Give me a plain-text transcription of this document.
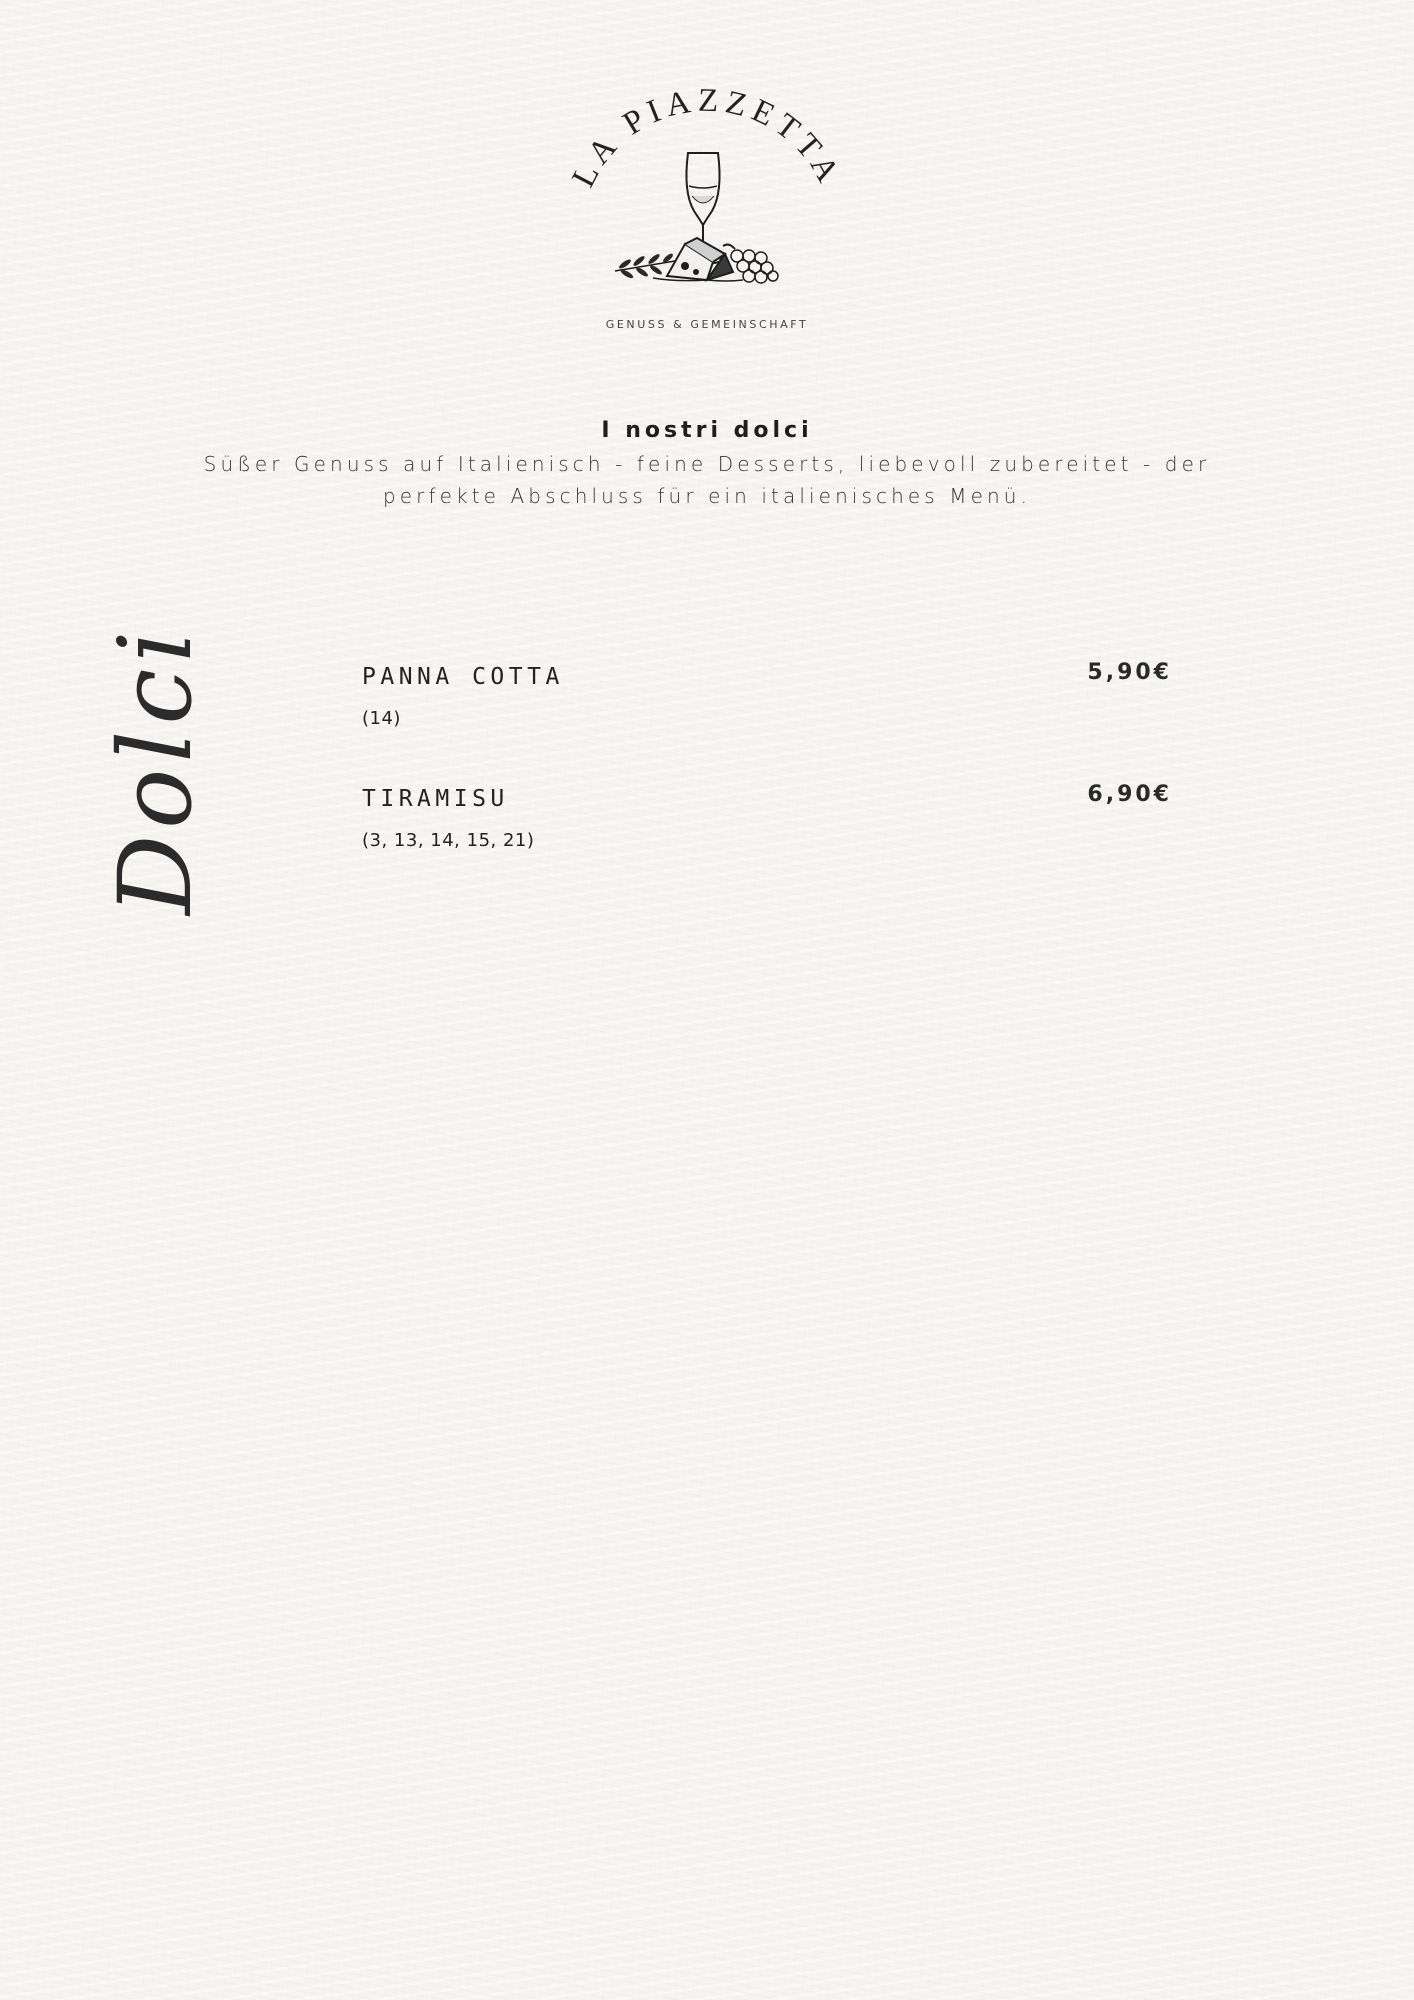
LA PIAZZETTA
GENUSS & GEMEINSCHAFT
I nostri dolci
Süßer Genuss auf Italienisch - feine Desserts, liebevoll zubereitet - der perfekte Abschluss für ein italienisches Menü.
Dolci	PANNA COTTA
(14)
5,90€
TIRAMISU
(3, 13, 14, 15, 21)
6,90€
